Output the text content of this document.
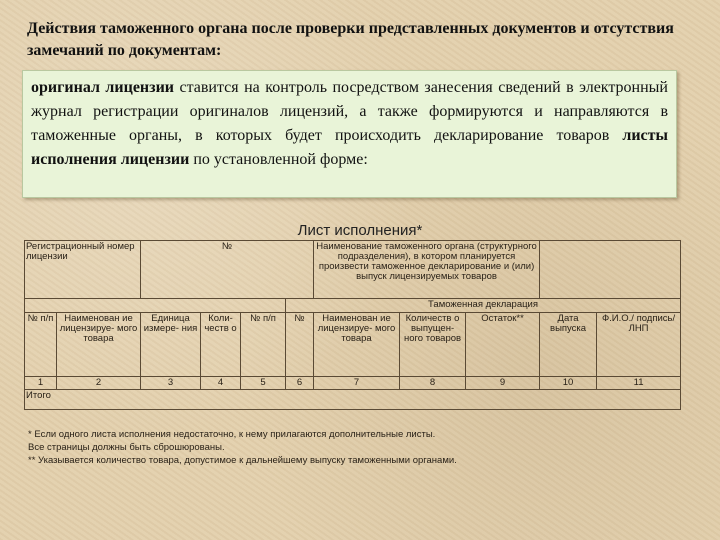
Действия таможенного органа после проверки представленных документов и отсутствия замечаний по документам:
оригинал лицензии ставится на контроль посредством занесения сведений в электронный журнал регистрации оригиналов лицензий, а также формируются и направляются в таможенные органы, в которых будет происходить декларирование товаров листы исполнения лицензии по установленной форме:
Лист исполнения*
Регистрационный номер лицензии		№				Наименование таможенного органа (структурного подразделения), в котором планируется произвести таможенное декларирование и (или) выпуск лицензируемых товаров				
					Таможенная декларация					
№ п/п	Наименован ие лицензируе- мого товара	Единица измере- ния	Коли- честв о	№ п/п	№	Наименован ие лицензируе- мого товара	Количеств о выпущен- ного товаров	Остаток**	Дата выпуска	Ф.И.О./ подпись/ ЛНП
1	2	3	4	5	6	7	8	9	10	11
Итого										
* Если одного листа исполнения недостаточно, к нему прилагаются дополнительные листы.
Все страницы должны быть сброшюрованы.
** Указывается количество товара, допустимое к дальнейшему выпуску таможенными органами.
